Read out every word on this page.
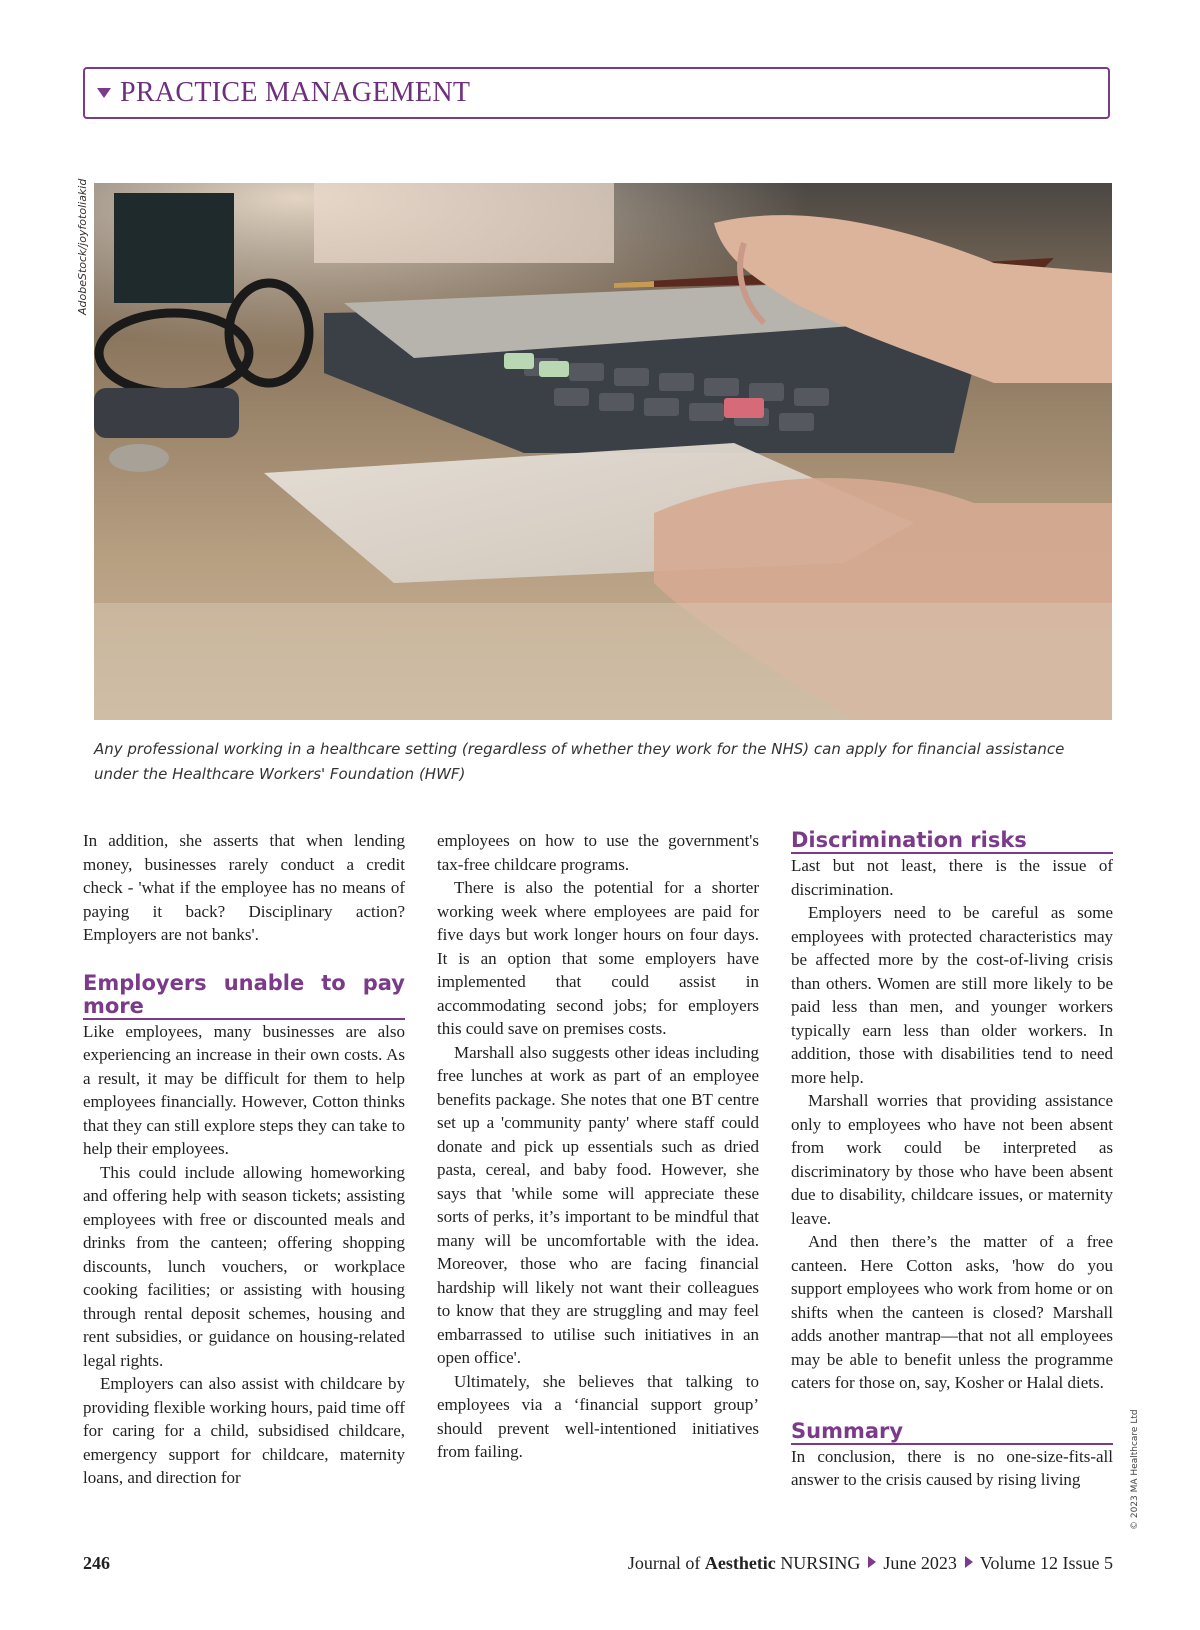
PRACTICE MANAGEMENT
AdobeStock/joyfotoliakid
Any professional working in a healthcare setting (regardless of whether they work for the NHS) can apply for financial assistance under the Healthcare Workers' Foundation (HWF)

In addition, she asserts that when lending money, businesses rarely conduct a credit check - 'what if the employee has no means of paying it back? Disciplinary action? Employers are not banks'.

Employers unable to pay more

Like employees, many businesses are also experiencing an increase in their own costs. As a result, it may be difficult for them to help employees financially. However, Cotton thinks that they can still explore steps they can take to help their employees.

This could include allowing homeworking and offering help with season tickets; assisting employees with free or discounted meals and drinks from the canteen; offering shopping discounts, lunch vouchers, or workplace cooking facilities; or assisting with housing through rental deposit schemes, housing and rent subsidies, or guidance on housing-related legal rights.

Employers can also assist with childcare by providing flexible working hours, paid time off for caring for a child, subsidised childcare, emergency support for childcare, maternity loans, and direction for

employees on how to use the government's tax-free childcare programs.

There is also the potential for a shorter working week where employees are paid for five days but work longer hours on four days. It is an option that some employers have implemented that could assist in accommodating second jobs; for employers this could save on premises costs.

Marshall also suggests other ideas including free lunches at work as part of an employee benefits package. She notes that one BT centre set up a 'community panty' where staff could donate and pick up essentials such as dried pasta, cereal, and baby food. However, she says that 'while some will appreciate these sorts of perks, it’s important to be mindful that many will be uncomfortable with the idea. Moreover, those who are facing financial hardship will likely not want their colleagues to know that they are struggling and may feel embarrassed to utilise such initiatives in an open office'.

Ultimately, she believes that talking to employees via a ‘financial support group’ should prevent well-intentioned initiatives from failing.

Discrimination risks

Last but not least, there is the issue of discrimination.

Employers need to be careful as some employees with protected characteristics may be affected more by the cost-of-living crisis than others. Women are still more likely to be paid less than men, and younger workers typically earn less than older workers. In addition, those with disabilities tend to need more help.

Marshall worries that providing assistance only to employees who have not been absent from work could be interpreted as discriminatory by those who have been absent due to disability, childcare issues, or maternity leave.

And then there’s the matter of a free canteen. Here Cotton asks, 'how do you support employees who work from home or on shifts when the canteen is closed? Marshall adds another mantrap—that not all employees may be able to benefit unless the programme caters for those on, say, Kosher or Halal diets.

Summary

In conclusion, there is no one-size-fits-all answer to the crisis caused by rising living	© 2023 MA Healthcare Ltd
246	Journal of Aesthetic NURSING June 2023 Volume 12 Issue 5
